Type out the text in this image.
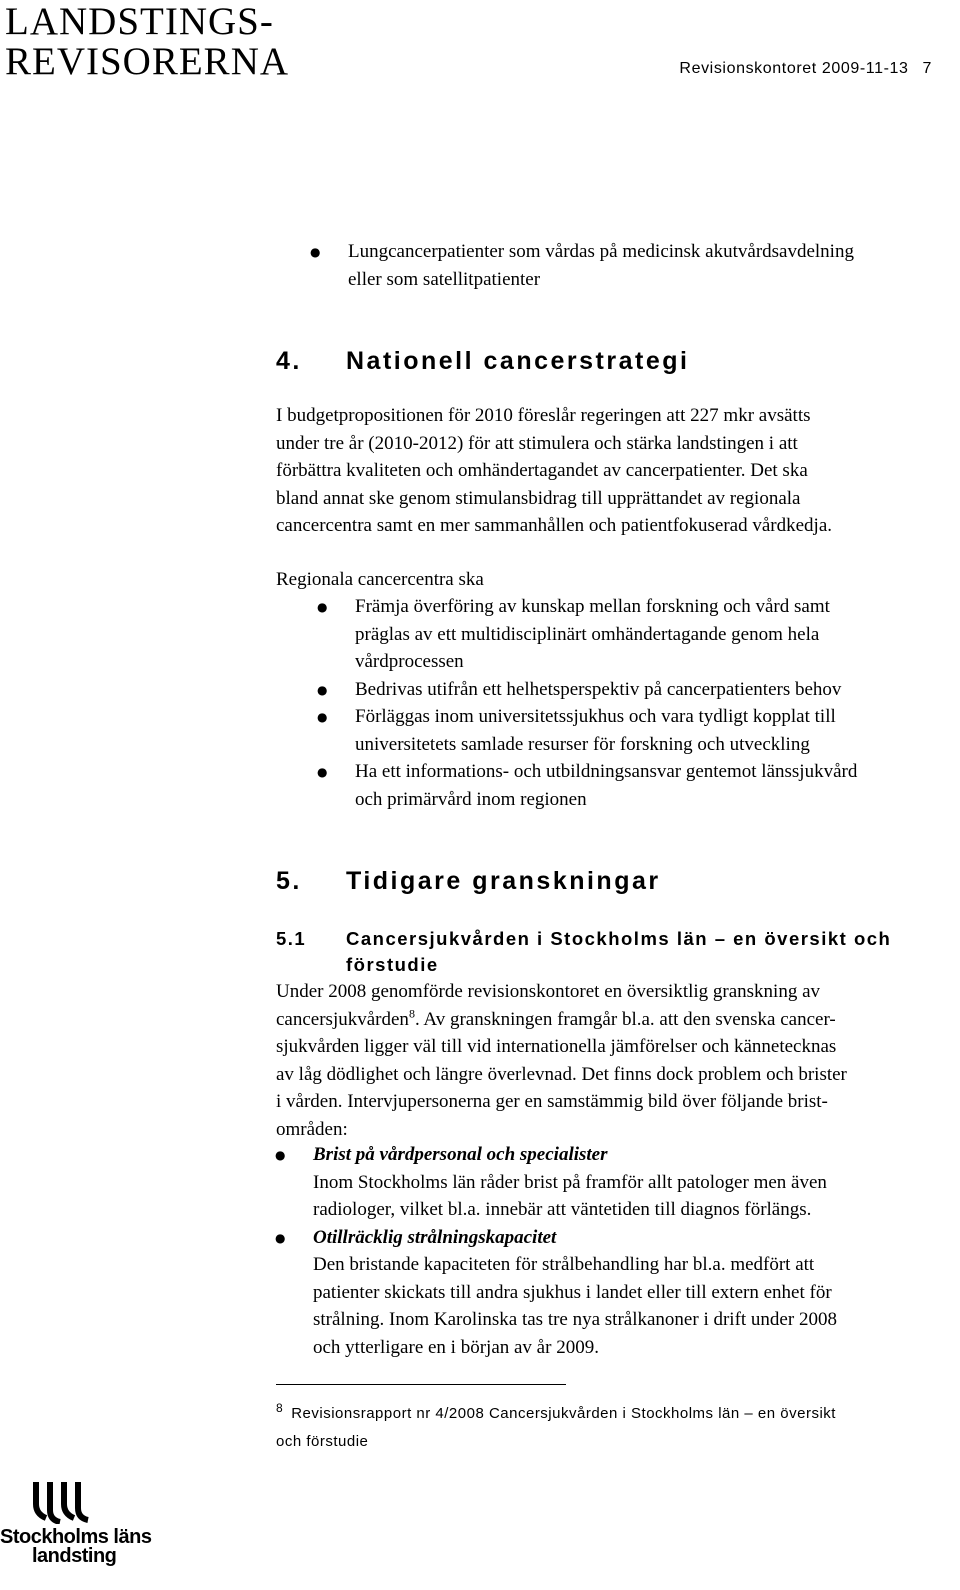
LANDSTINGS-
REVISORERNA	Revisionskontoret 2009-11-13 7
● Lungcancerpatienter som vårdas på medicinsk akutvårdsavdelning
eller som satellitpatienter
4. Nationell cancerstrategi
I budgetpropositionen för 2010 föreslår regeringen att 227 mkr avsätts
under tre år (2010-2012) för att stimulera och stärka landstingen i att
förbättra kvaliteten och omhändertagandet av cancerpatienter. Det ska
bland annat ske genom stimulansbidrag till upprättandet av regionala
cancercentra samt en mer sammanhållen och patientfokuserad vårdkedja.
Regionala cancercentra ska
● Främja överföring av kunskap mellan forskning och vård samt
präglas av ett multidisciplinärt omhändertagande genom hela
vårdprocessen
● Bedrivas utifrån ett helhetsperspektiv på cancerpatienters behov
● Förläggas inom universitetssjukhus och vara tydligt kopplat till
universitetets samlade resurser för forskning och utveckling
● Ha ett informations- och utbildningsansvar gentemot länssjukvård
och primärvård inom regionen
5. Tidigare granskningar
5.1 Cancersjukvården i Stockholms län – en översikt och
förstudie
Under 2008 genomförde revisionskontoret en översiktlig granskning av
cancersjukvården$^8$. Av granskningen framgår bl.a. att den svenska cancer-
sjukvården ligger väl till vid internationella jämförelser och kännetecknas
av låg dödlighet och längre överlevnad. Det finns dock problem och brister
i vården. Intervjupersonerna ger en samstämmig bild över följande brist-
områden:
● Brist på vårdpersonal och specialister
Inom Stockholms län råder brist på framför allt patologer men även
radiologer, vilket bl.a. innebär att väntetiden till diagnos förlängs.
● Otillräcklig strålningskapacitet
Den bristande kapaciteten för strålbehandling har bl.a. medfört att
patienter skickats till andra sjukhus i landet eller till extern enhet för
strålning. Inom Karolinska tas tre nya strålkanoner i drift under 2008
och ytterligare en i början av år 2009.
$^8$ Revisionsrapport nr 4/2008 Cancersjukvården i Stockholms län – en översikt
och förstudie
Stockholms läns
landsting
